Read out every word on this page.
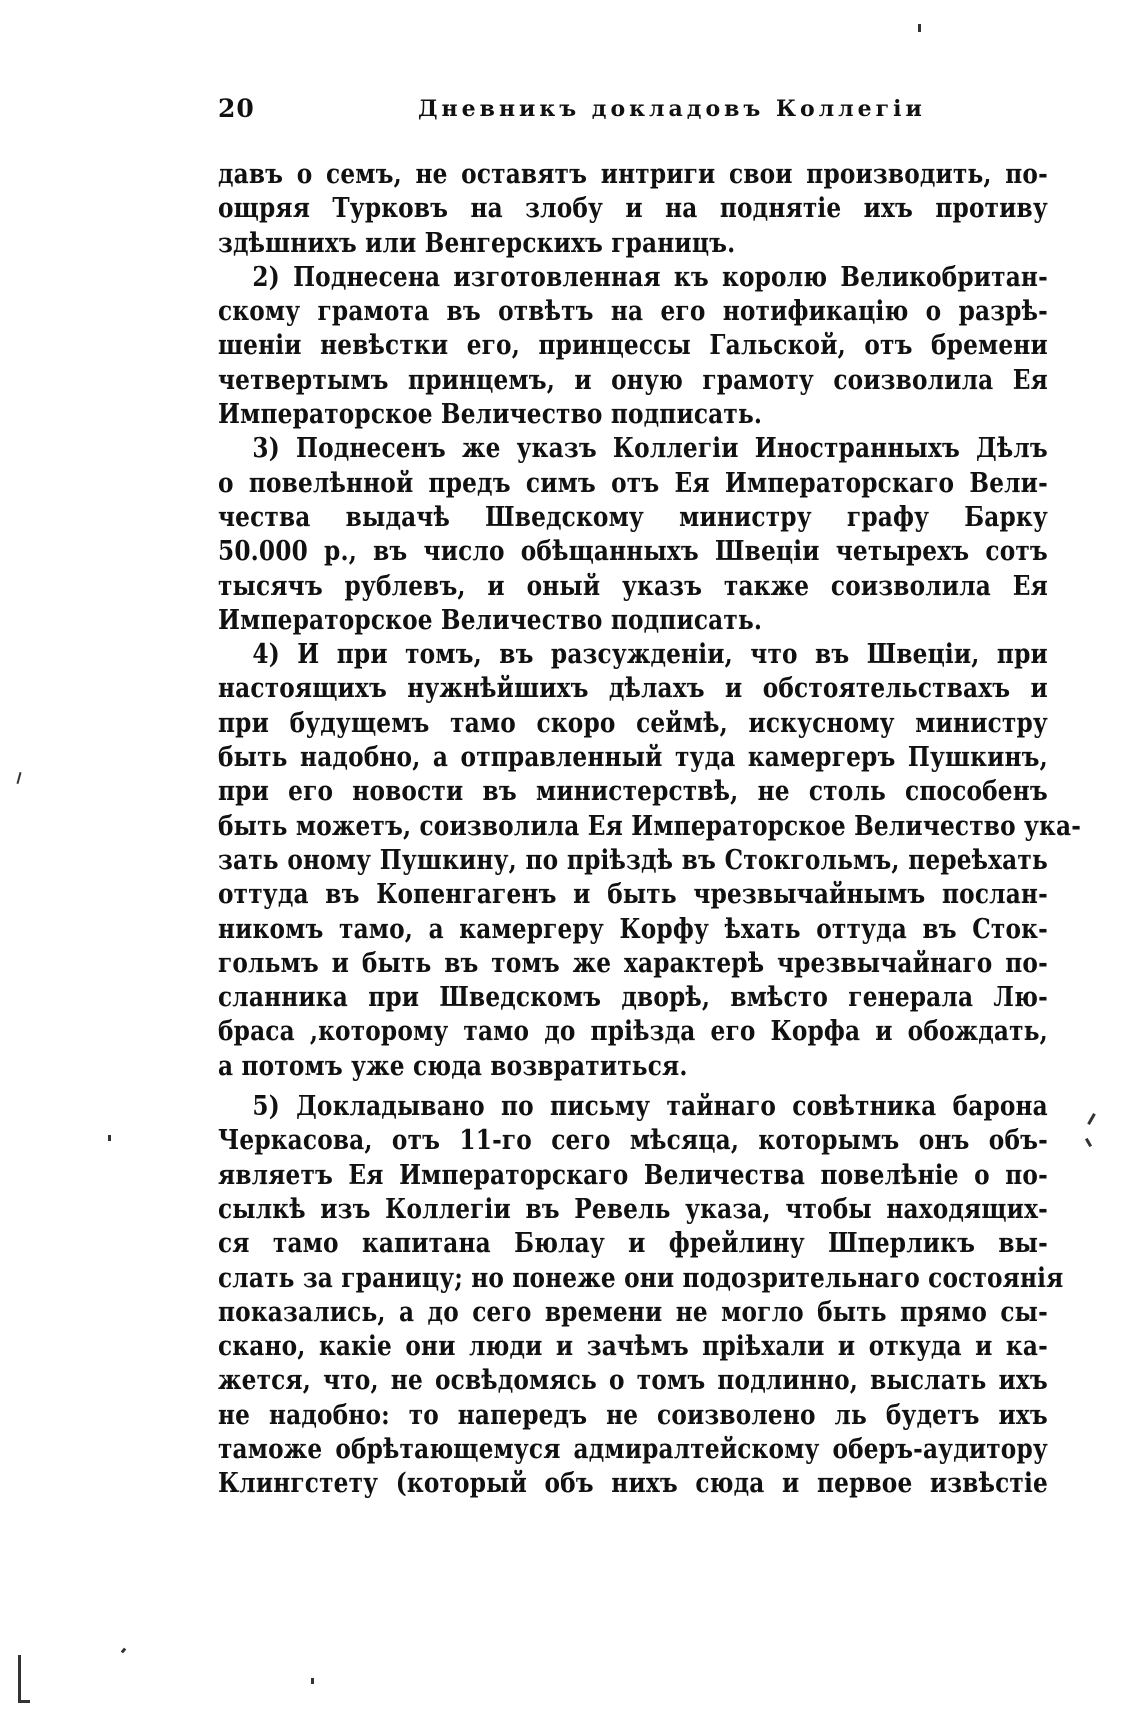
20	Дневникъ докладовъ Коллегіи
давъ о семъ, не оставятъ интриги свои производить, по-
ощряя Турковъ на злобу и на поднятіе ихъ противу
здѣшнихъ или Венгерскихъ границъ.
2) Поднесена изготовленная къ королю Великобритан-
скому грамота въ отвѣтъ на его нотификацію о разрѣ-
шеніи невѣстки его, принцессы Гальской, отъ бремени
четвертымъ принцемъ, и оную грамоту соизволила Ея
Императорское Величество подписать.
3) Поднесенъ же указъ Коллегіи Иностранныхъ Дѣлъ
о повелѣнной предъ симъ отъ Ея Императорскаго Вели-
чества выдачѣ Шведскому министру графу Барку
50.000 р., въ число обѣщанныхъ Швеціи четырехъ сотъ
тысячъ рублевъ, и оный указъ также соизволила Ея
Императорское Величество подписать.
4) И при томъ, въ разсужденіи, что въ Швеціи, при
настоящихъ нужнѣйшихъ дѣлахъ и обстоятельствахъ и
при будущемъ тамо скоро сеймѣ, искусному министру
быть надобно, а отправленный туда камергеръ Пушкинъ,
при его новости въ министерствѣ, не столь способенъ
быть можетъ, соизволила Ея Императорское Величество ука-
зать оному Пушкину, по пріѣздѣ въ Стокгольмъ, переѣхать
оттуда въ Копенгагенъ и быть чрезвычайнымъ послан-
никомъ тамо, а камергеру Корфу ѣхать оттуда въ Сток-
гольмъ и быть въ томъ же характерѣ чрезвычайнаго по-
сланника при Шведскомъ дворѣ, вмѣсто генерала Лю-
браса ,которому тамо до пріѣзда его Корфа и обождать,
а потомъ уже сюда возвратиться.
5) Докладывано по письму тайнаго совѣтника барона
Черкасова, отъ 11-го сего мѣсяца, которымъ онъ объ-
являетъ Ея Императорскаго Величества повелѣніе о по-
сылкѣ изъ Коллегіи въ Ревель указа, чтобы находящих-
ся тамо капитана Бюлау и фрейлину Шперликъ вы-
слать за границу; но понеже они подозрительнаго состоянія
показались, а до сего времени не могло быть прямо сы-
скано, какіе они люди и зачѣмъ пріѣхали и откуда и ка-
жется, что, не освѣдомясь о томъ подлинно, выслать ихъ
не надобно: то напередъ не соизволено ль будетъ ихъ
таможе обрѣтающемуся адмиралтейскому оберъ-аудитору
Клингстету (который объ нихъ сюда и первое извѣстіе
